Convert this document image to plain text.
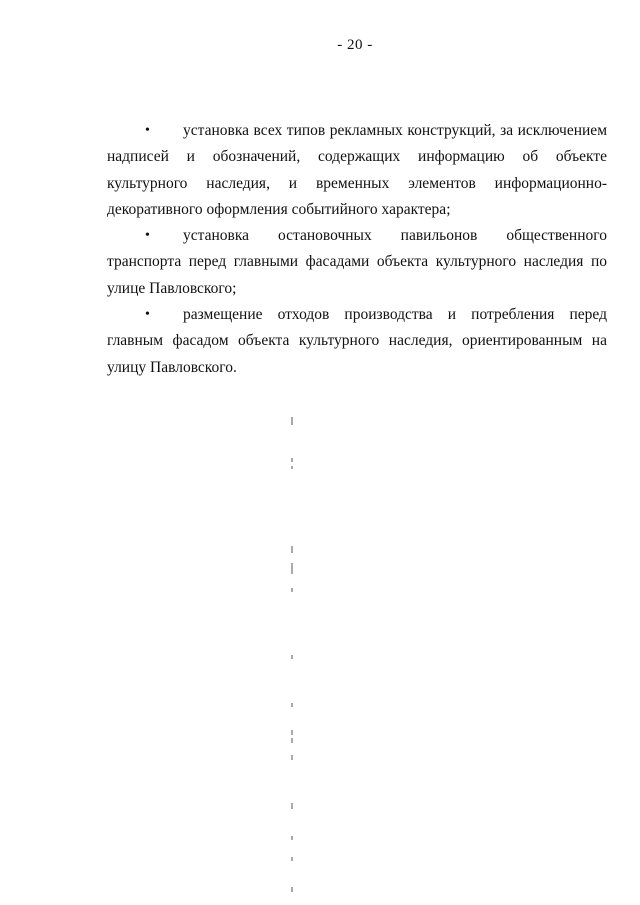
- 20 -
• установка всех типов рекламных конструкций, за исключением надписей и обозначений, содержащих информацию об объекте культурного наследия, и временных элементов информационно-декоративного оформления событийного характера;
• установка остановочных павильонов общественного транспорта перед главными фасадами объекта культурного наследия по улице Павловского;
• размещение отходов производства и потребления перед главным фасадом объекта культурного наследия, ориентированным на улицу Павловского.
